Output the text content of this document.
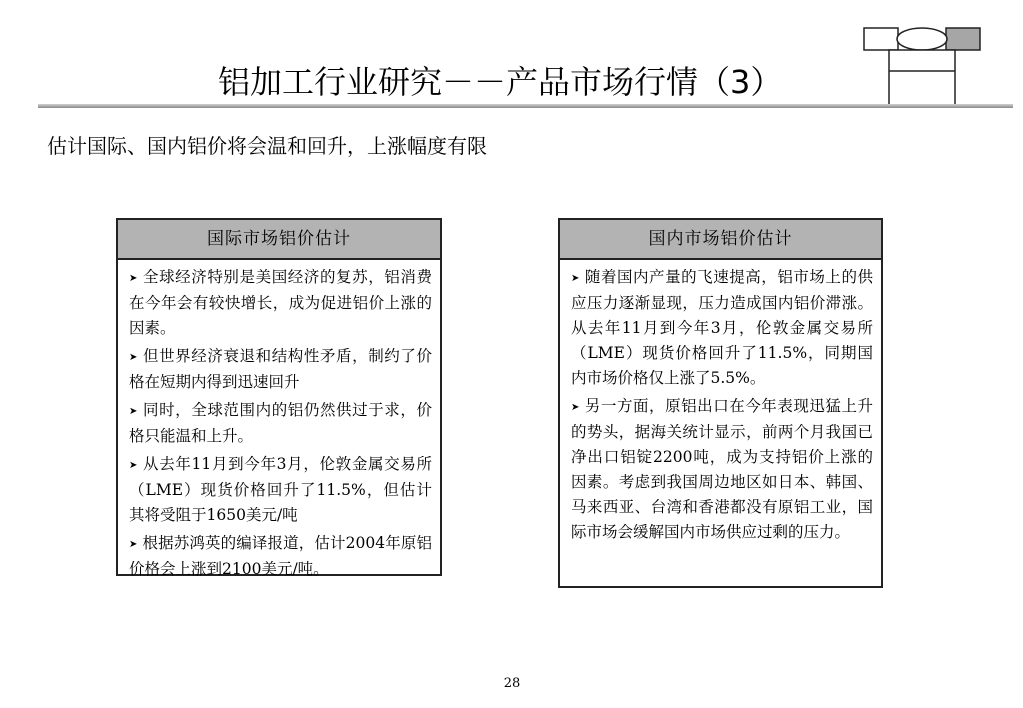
铝加工行业研究－－产品市场行情（3）
估计国际、国内铝价将会温和回升，上涨幅度有限
国际市场铝价估计
➤ 全球经济特别是美国经济的复苏，铝消费在今年会有较快增长，成为促进铝价上涨的因素。
➤ 但世界经济衰退和结构性矛盾，制约了价格在短期内得到迅速回升
➤ 同时，全球范围内的铝仍然供过于求，价格只能温和上升。
➤ 从去年11月到今年3月，伦敦金属交易所（LME）现货价格回升了11.5%，但估计其将受阻于1650美元/吨
➤ 根据苏鸿英的编译报道，估计2004年原铝价格会上涨到2100美元/吨。
国内市场铝价估计
➤ 随着国内产量的飞速提高，铝市场上的供应压力逐渐显现，压力造成国内铝价滞涨。从去年11月到今年3月，伦敦金属交易所（LME）现货价格回升了11.5%，同期国内市场价格仅上涨了5.5%。
➤ 另一方面，原铝出口在今年表现迅猛上升的势头，据海关统计显示，前两个月我国已净出口铝锭2200吨，成为支持铝价上涨的因素。考虑到我国周边地区如日本、韩国、马来西亚、台湾和香港都没有原铝工业，国际市场会缓解国内市场供应过剩的压力。
28
